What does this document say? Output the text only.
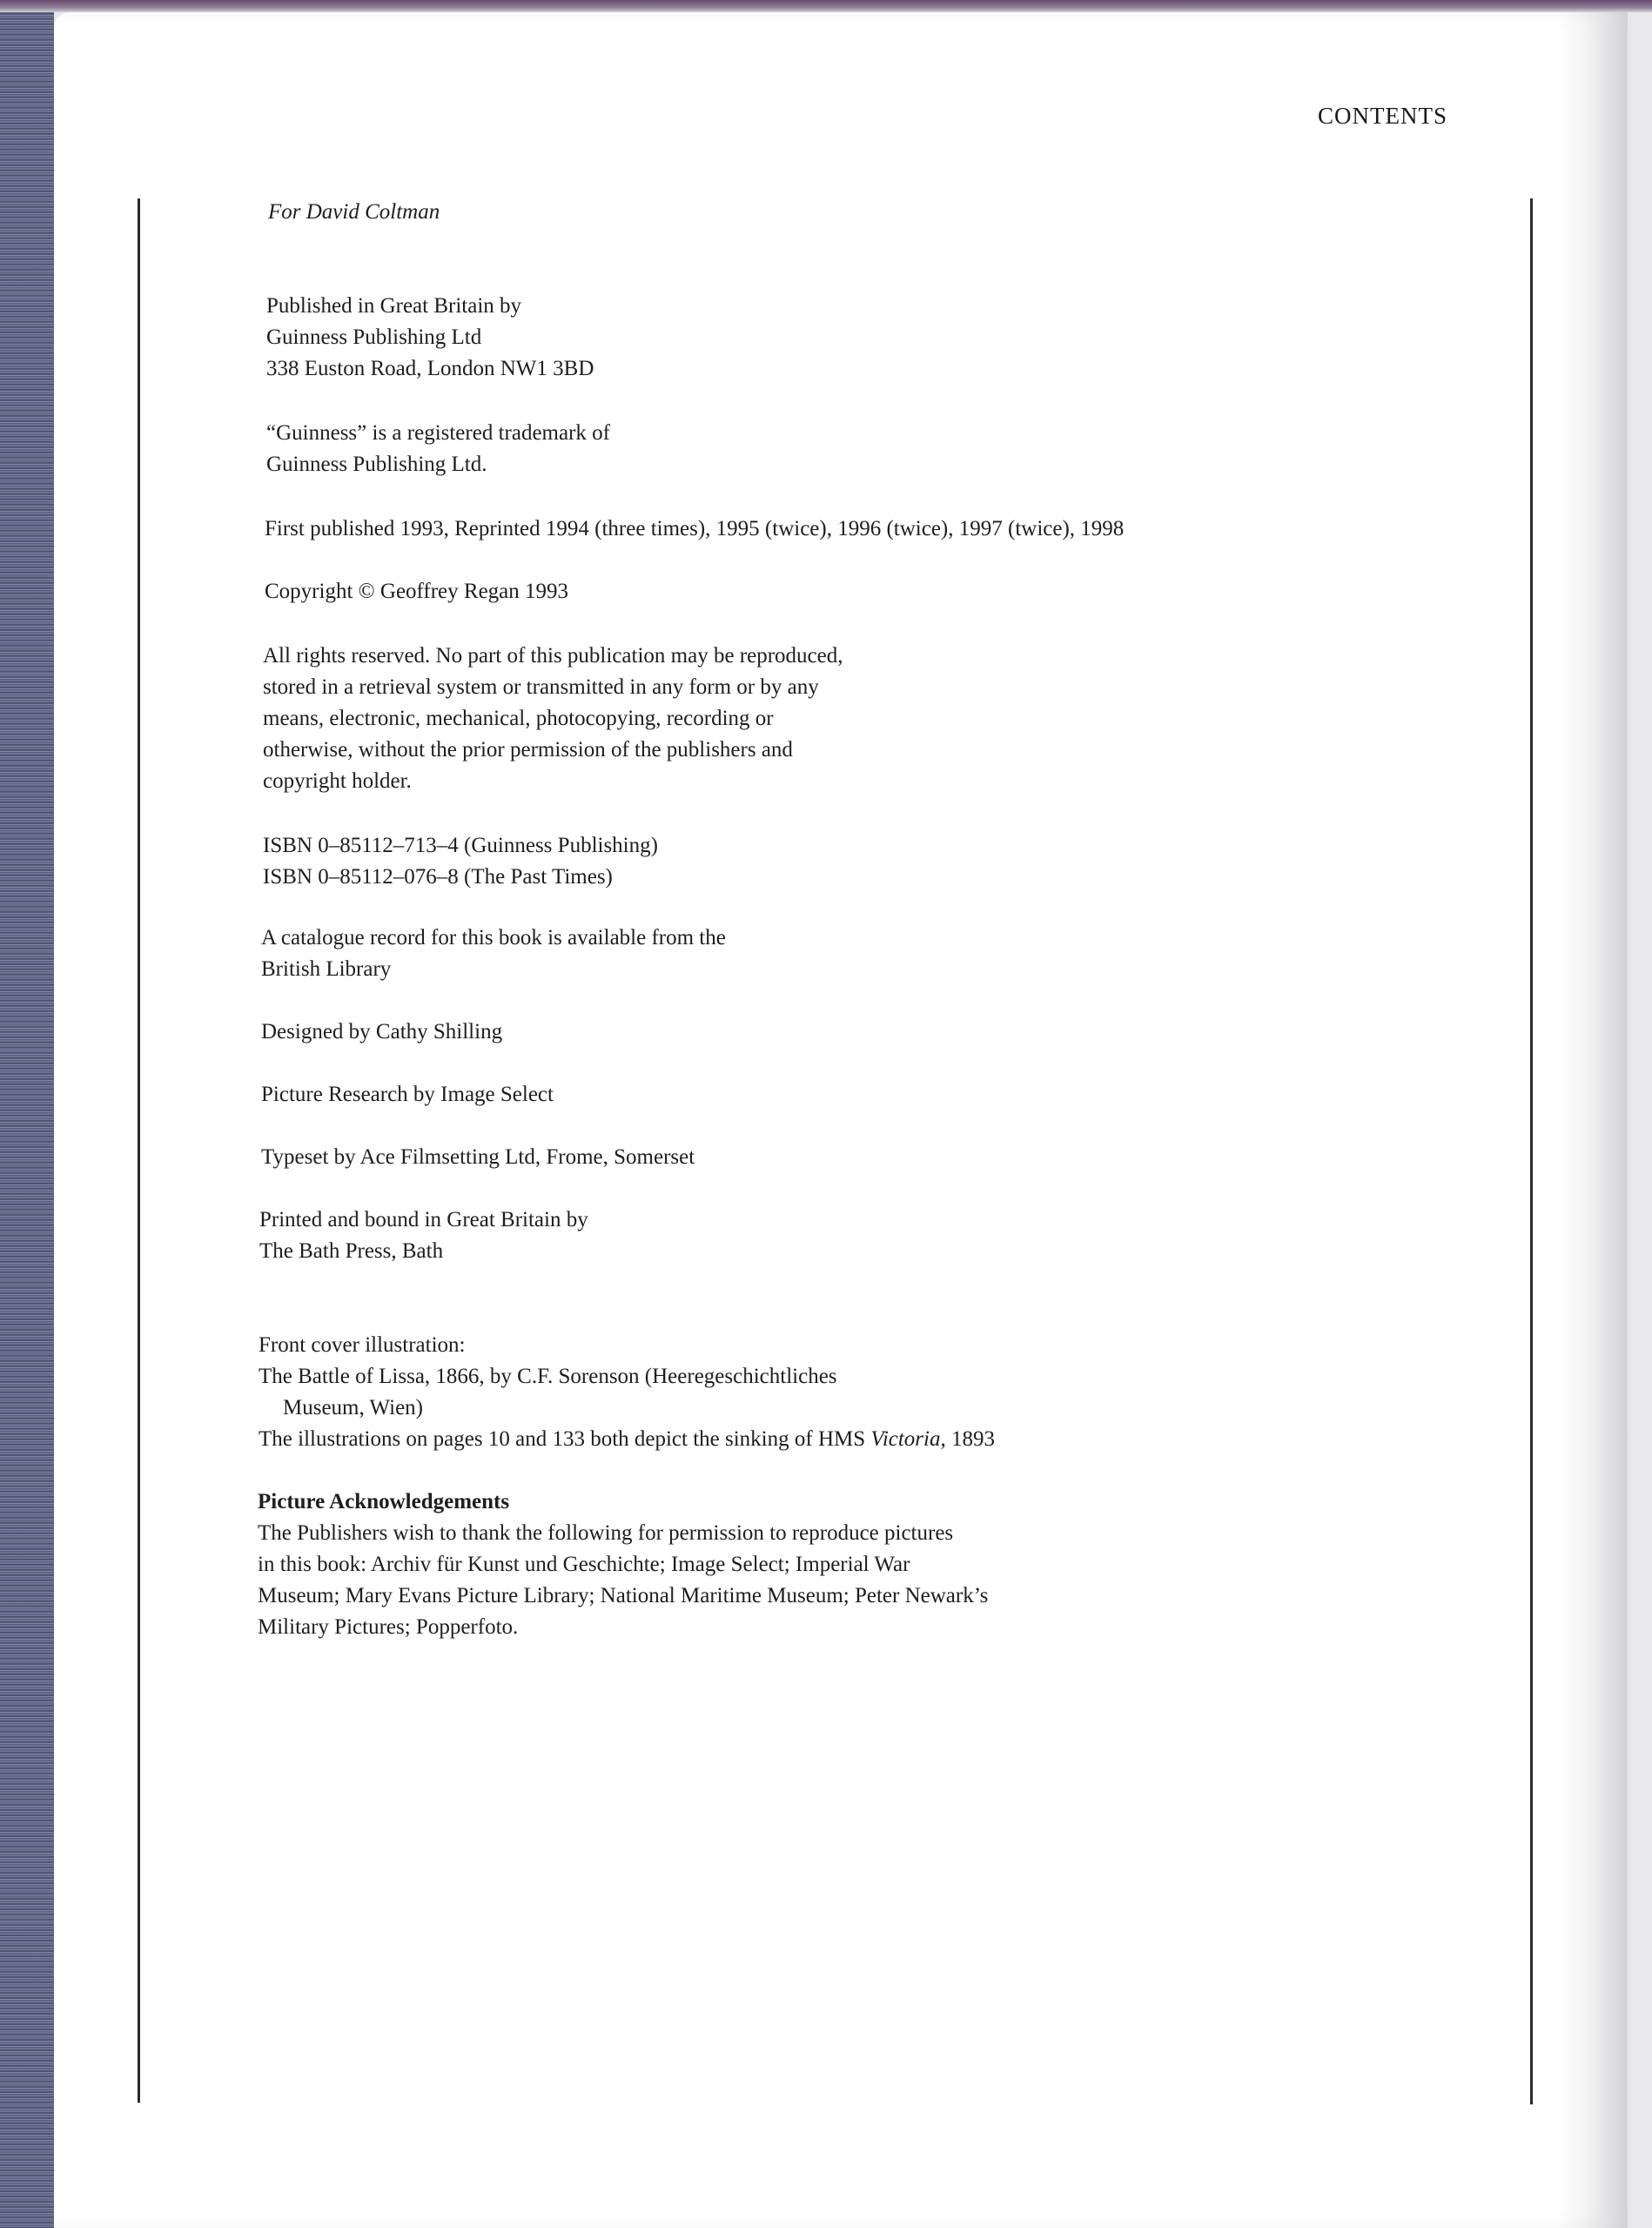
CONTENTS
For David Coltman
Published in Great Britain by
Guinness Publishing Ltd
338 Euston Road, London NW1 3BD
“Guinness” is a registered trademark of
Guinness Publishing Ltd.
First published 1993, Reprinted 1994 (three times), 1995 (twice), 1996 (twice), 1997 (twice), 1998
Copyright © Geoffrey Regan 1993
All rights reserved. No part of this publication may be reproduced,
stored in a retrieval system or transmitted in any form or by any
means, electronic, mechanical, photocopying, recording or
otherwise, without the prior permission of the publishers and
copyright holder.
ISBN 0–85112–713–4 (Guinness Publishing)
ISBN 0–85112–076–8 (The Past Times)
A catalogue record for this book is available from the
British Library
Designed by Cathy Shilling
Picture Research by Image Select
Typeset by Ace Filmsetting Ltd, Frome, Somerset
Printed and bound in Great Britain by
The Bath Press, Bath
Front cover illustration:
The Battle of Lissa, 1866, by C.F. Sorenson (Heeregeschichtliches
Museum, Wien)
The illustrations on pages 10 and 133 both depict the sinking of HMS Victoria, 1893
Picture Acknowledgements
The Publishers wish to thank the following for permission to reproduce pictures
in this book: Archiv für Kunst und Geschichte; Image Select; Imperial War
Museum; Mary Evans Picture Library; National Maritime Museum; Peter Newark’s
Military Pictures; Popperfoto.
